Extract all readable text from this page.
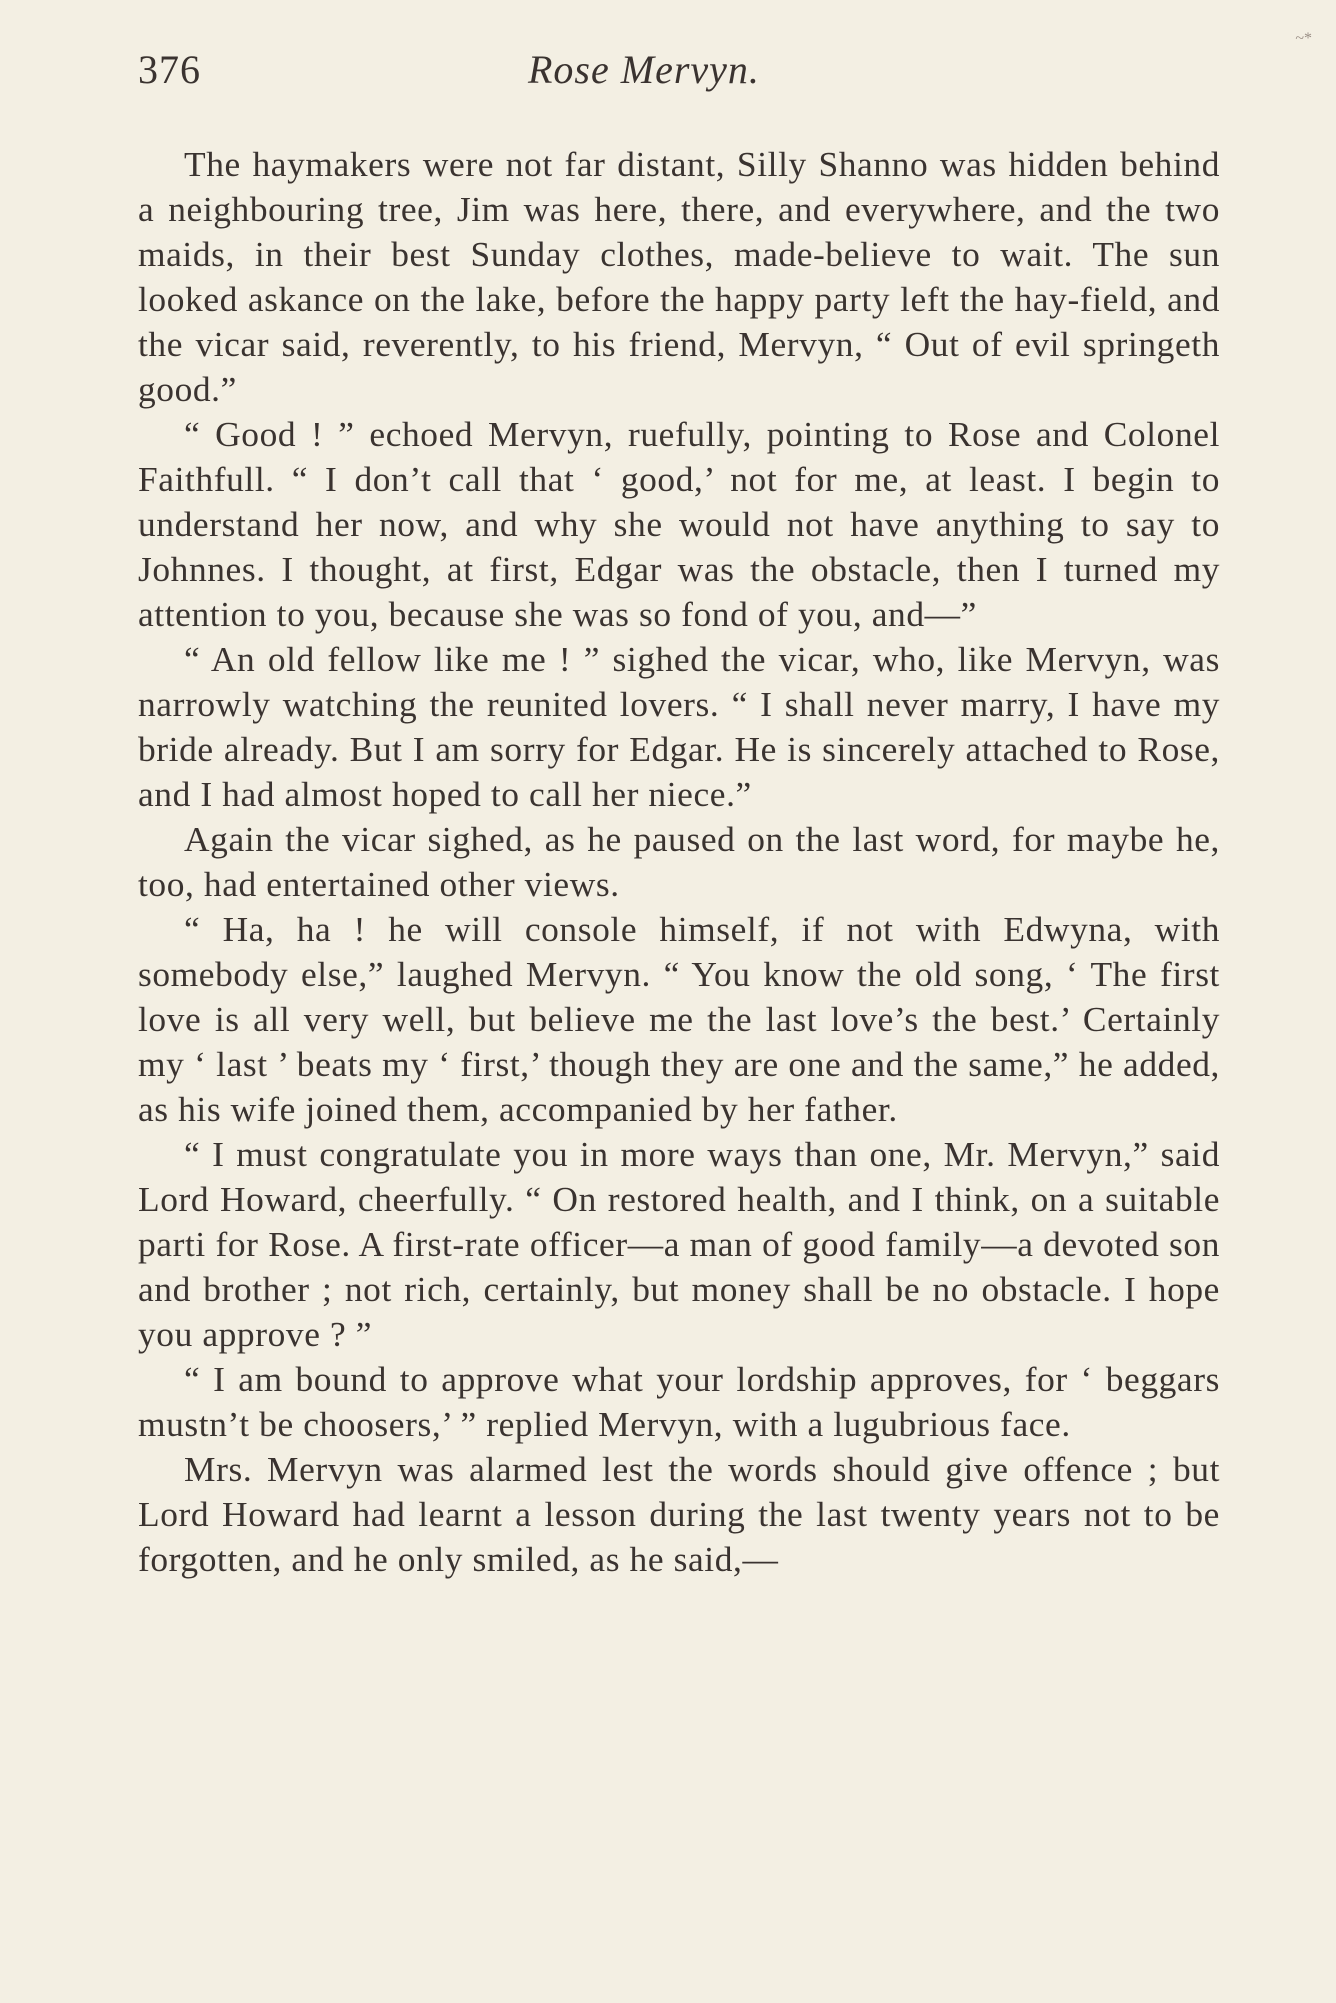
376	Rose Mervyn.
~*

The haymakers were not far distant, Silly Shanno was hidden behind a neighbouring tree, Jim was here, there, and everywhere, and the two maids, in their best Sunday clothes, made-believe to wait. The sun looked askance on the lake, before the happy party left the hay-field, and the vicar said, reverently, to his friend, Mervyn, “ Out of evil springeth good.”

“ Good ! ” echoed Mervyn, ruefully, pointing to Rose and Colonel Faithfull. “ I don’t call that ‘ good,’ not for me, at least. I begin to understand her now, and why she would not have anything to say to Johnnes. I thought, at first, Edgar was the obstacle, then I turned my attention to you, because she was so fond of you, and—”

“ An old fellow like me ! ” sighed the vicar, who, like Mervyn, was narrowly watching the reunited lovers. “ I shall never marry, I have my bride already. But I am sorry for Edgar. He is sincerely attached to Rose, and I had almost hoped to call her niece.”

Again the vicar sighed, as he paused on the last word, for maybe he, too, had entertained other views.

“ Ha, ha ! he will console himself, if not with Edwyna, with somebody else,” laughed Mervyn. “ You know the old song, ‘ The first love is all very well, but believe me the last love’s the best.’ Certainly my ‘ last ’ beats my ‘ first,’ though they are one and the same,” he added, as his wife joined them, accompanied by her father.

“ I must congratulate you in more ways than one, Mr. Mervyn,” said Lord Howard, cheerfully. “ On restored health, and I think, on a suitable parti for Rose. A first-rate officer—a man of good family—a devoted son and brother ; not rich, certainly, but money shall be no obstacle. I hope you approve ? ”

“ I am bound to approve what your lordship approves, for ‘ beggars mustn’t be choosers,’ ” replied Mervyn, with a lugubrious face.

Mrs. Mervyn was alarmed lest the words should give offence ; but Lord Howard had learnt a lesson during the last twenty years not to be forgotten, and he only smiled, as he said,—
